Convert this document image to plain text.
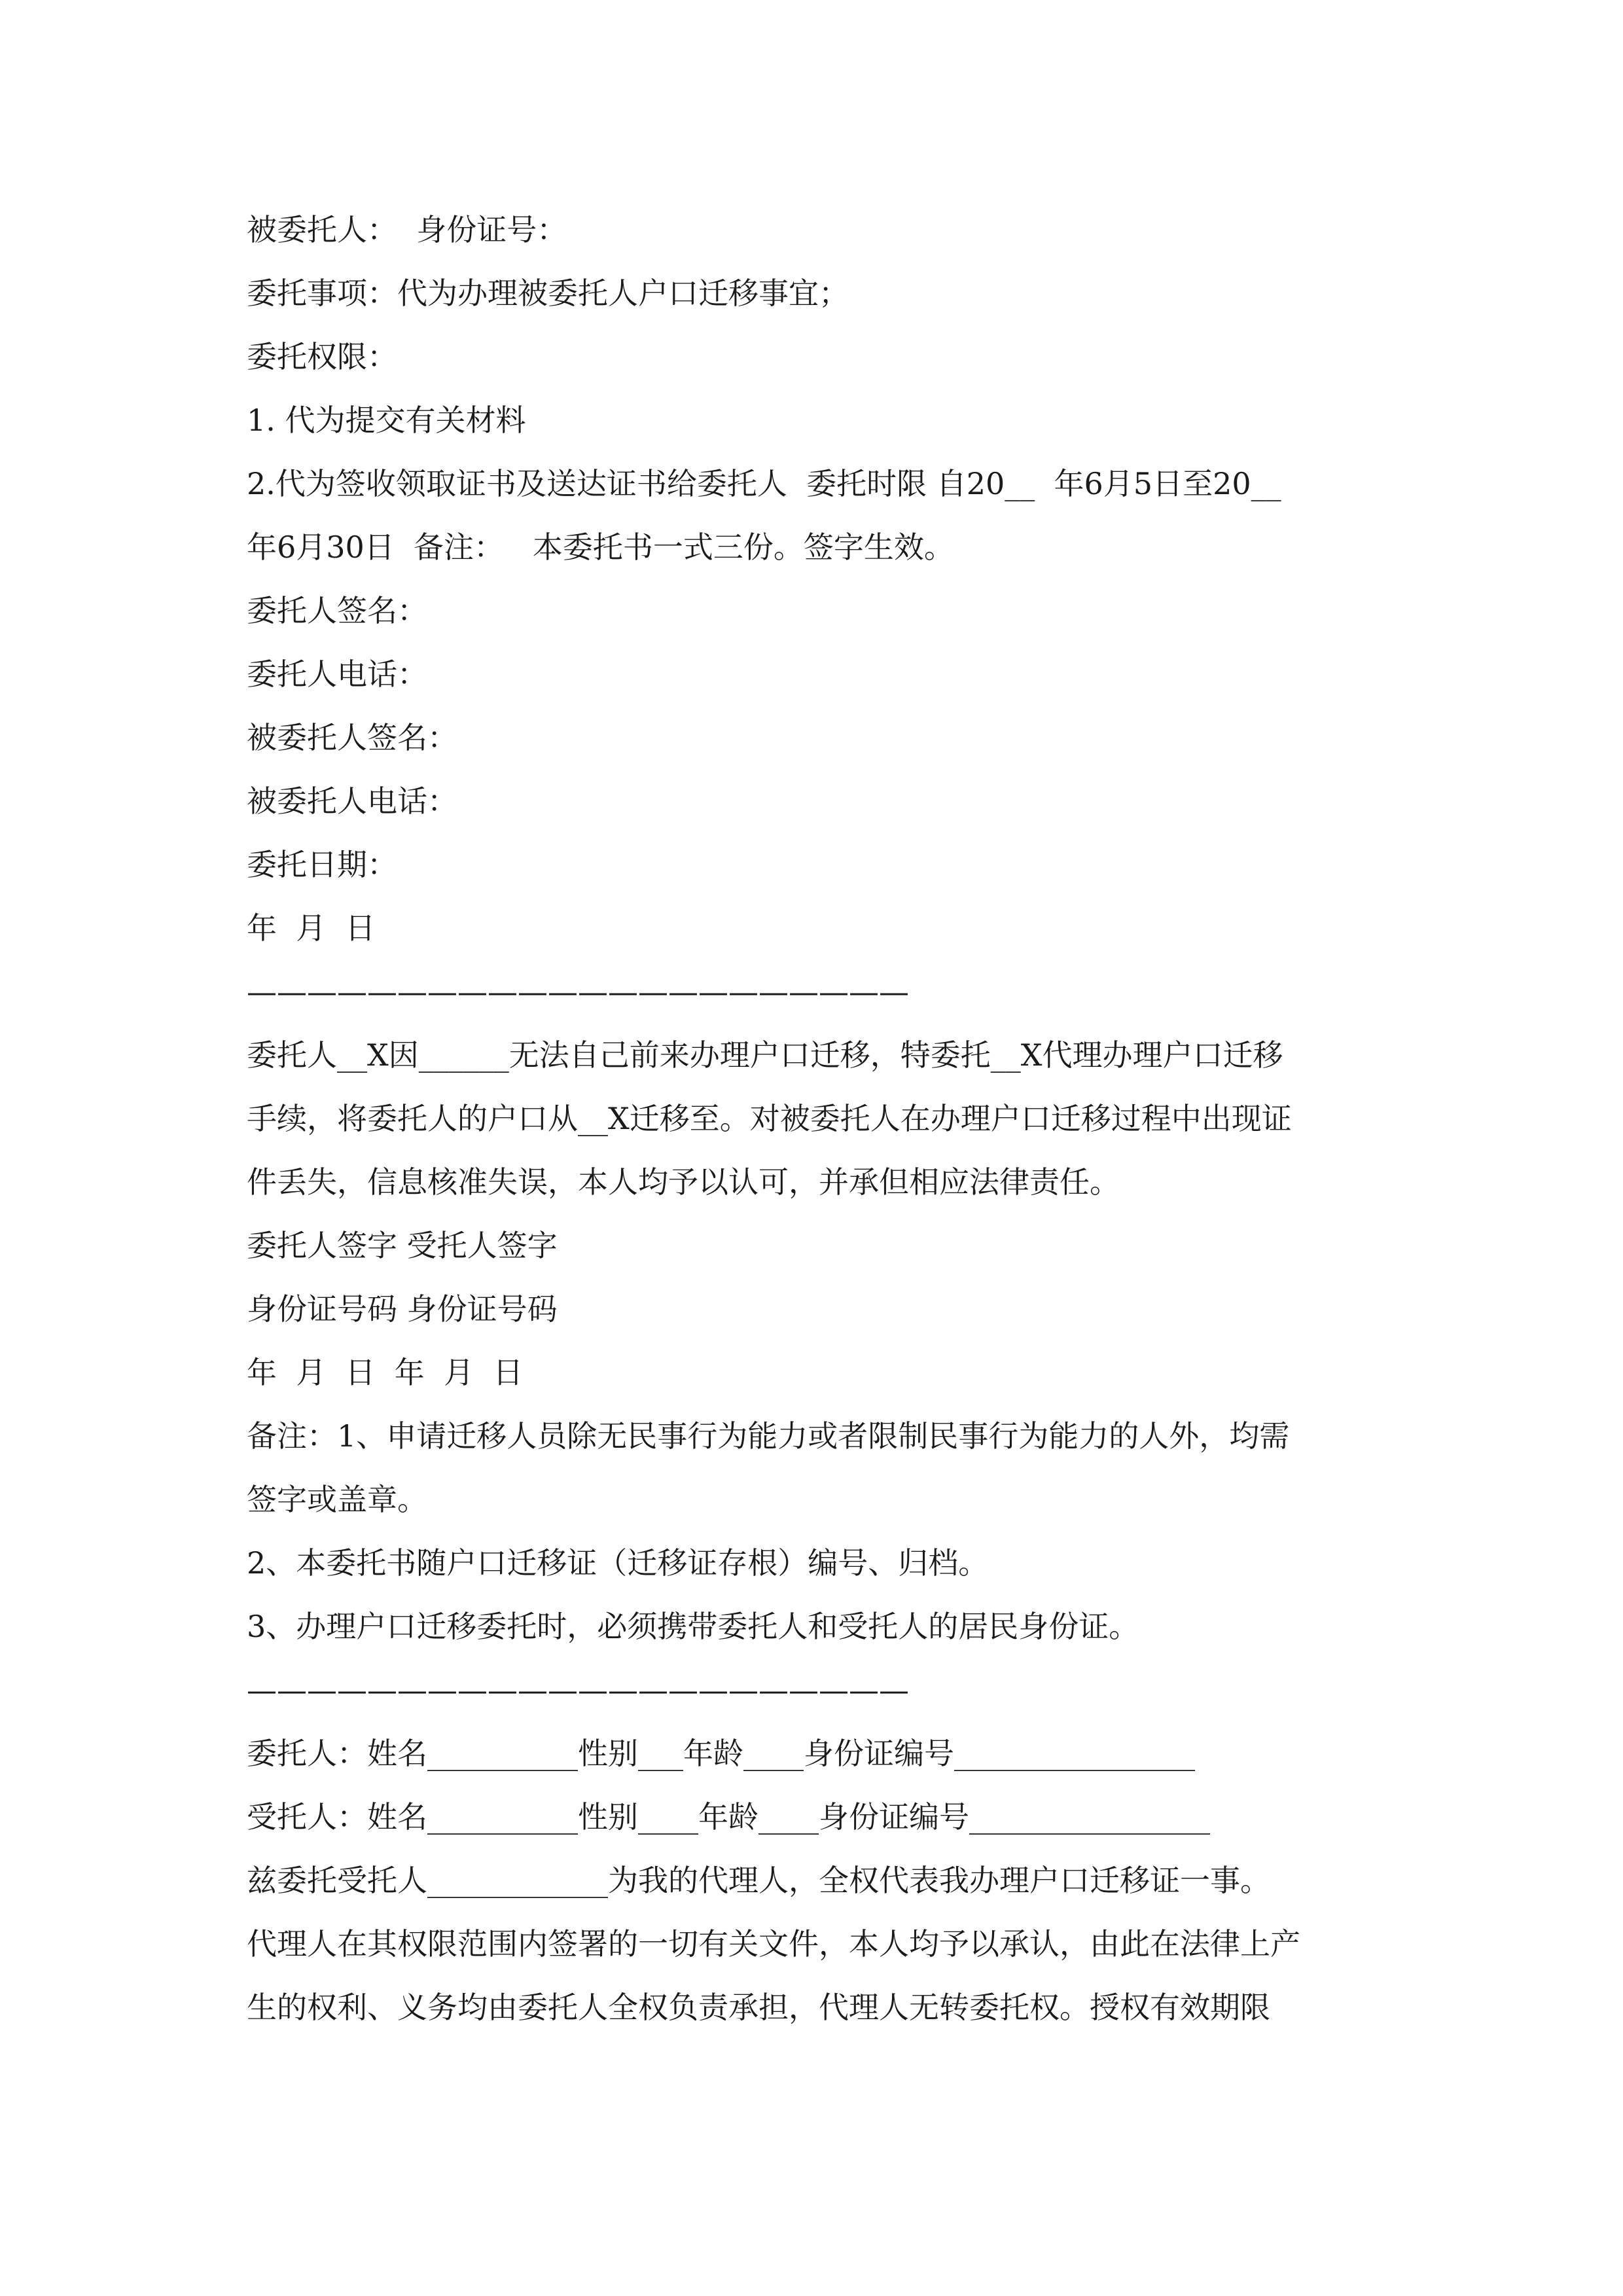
被委托人：  身份证号：
委托事项：代为办理被委托人户口迁移事宜；
委托权限：
1. 代为提交有关材料
2.代为签收领取证书及送达证书给委托人  委托时限 自20__  年6月5日至20__
年6月30日  备注：   本委托书一式三份。签字生效。
委托人签名：
委托人电话：
被委托人签名：
被委托人电话：
委托日期：
年  月  日
——————————————————————
委托人__X因______无法自己前来办理户口迁移，特委托__X代理办理户口迁移
手续，将委托人的户口从__X迁移至。对被委托人在办理户口迁移过程中出现证
件丢失，信息核准失误，本人均予以认可，并承但相应法律责任。
委托人签字 受托人签字
身份证号码 身份证号码
年  月  日  年  月  日
备注：1、申请迁移人员除无民事行为能力或者限制民事行为能力的人外，均需
签字或盖章。
2、本委托书随户口迁移证（迁移证存根）编号、归档。
3、办理户口迁移委托时，必须携带委托人和受托人的居民身份证。
——————————————————————
委托人：姓名__________性别___年龄____身份证编号________________
受托人：姓名__________性别____年龄____身份证编号________________
兹委托受托人____________为我的代理人，全权代表我办理户口迁移证一事。
代理人在其权限范围内签署的一切有关文件，本人均予以承认，由此在法律上产
生的权利、义务均由委托人全权负责承担，代理人无转委托权。授权有效期限
